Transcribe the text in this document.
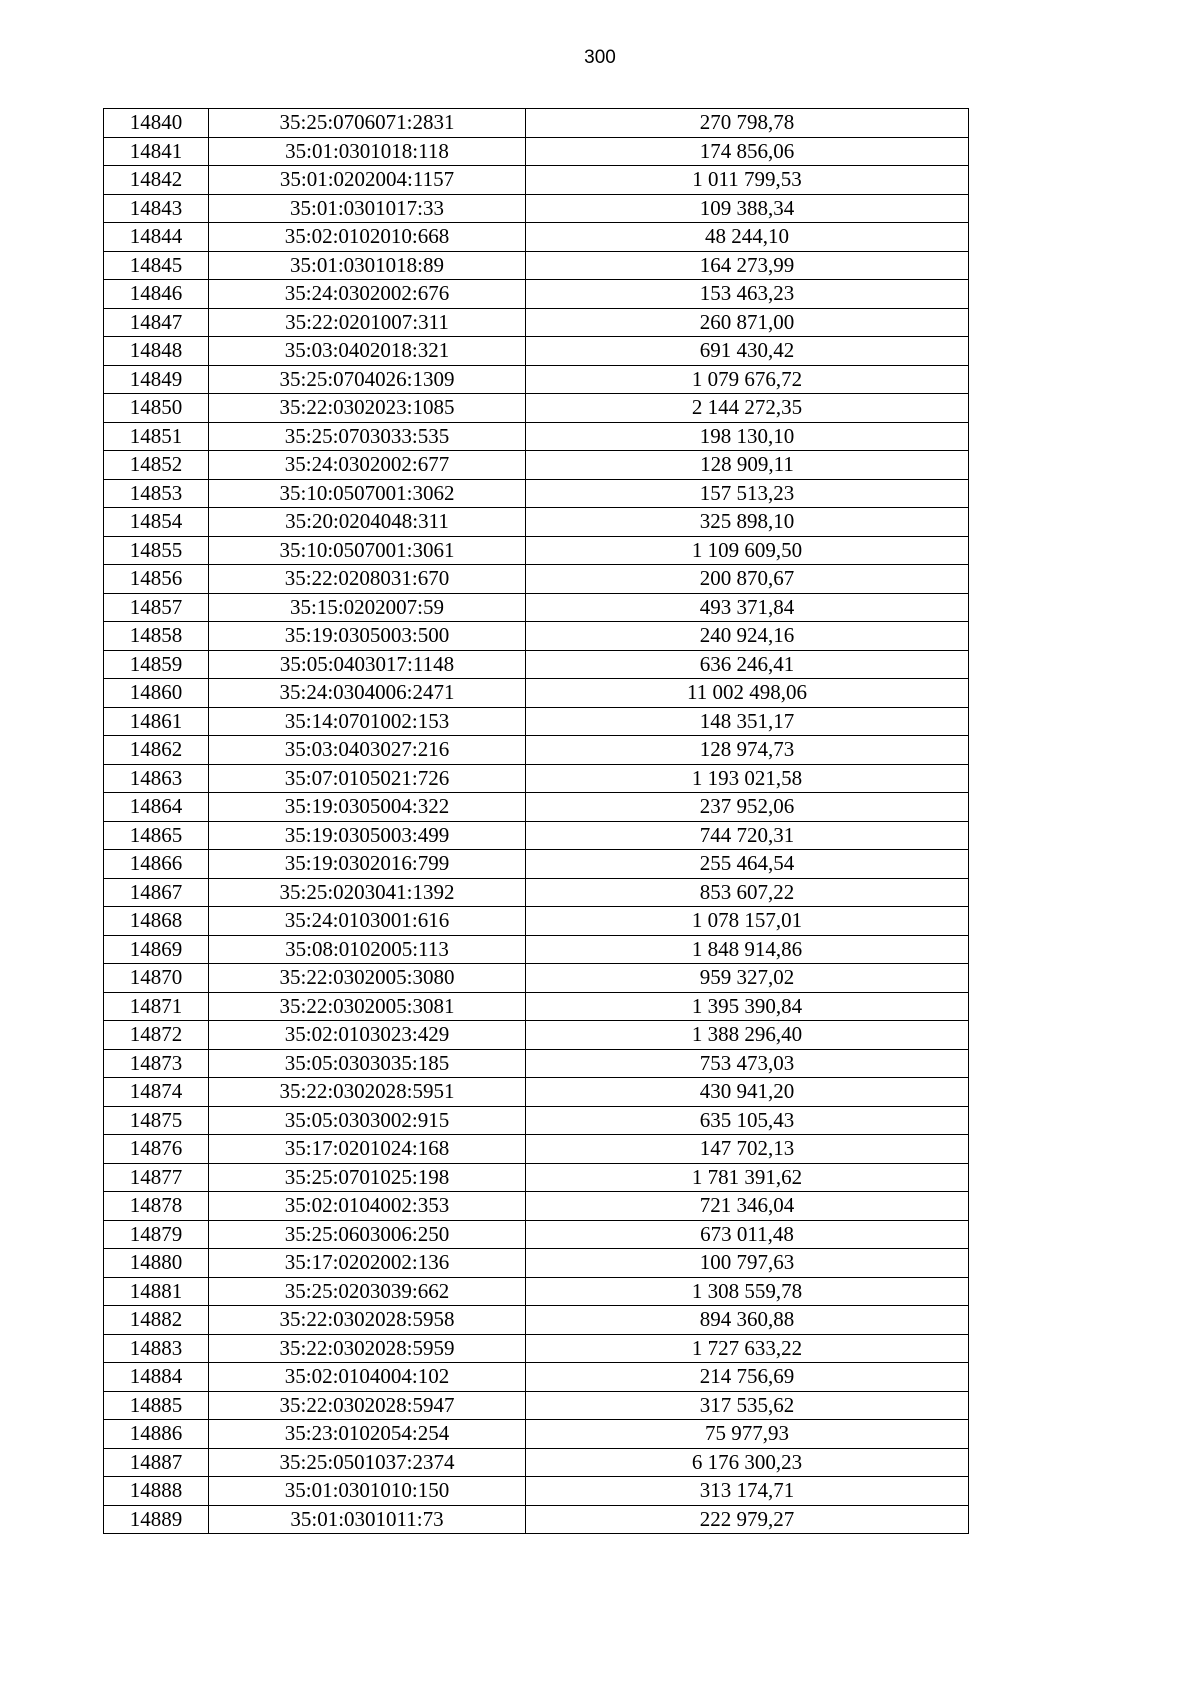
300
14840	35:25:0706071:2831	270 798,78
14841	35:01:0301018:118	174 856,06
14842	35:01:0202004:1157	1 011 799,53
14843	35:01:0301017:33	109 388,34
14844	35:02:0102010:668	48 244,10
14845	35:01:0301018:89	164 273,99
14846	35:24:0302002:676	153 463,23
14847	35:22:0201007:311	260 871,00
14848	35:03:0402018:321	691 430,42
14849	35:25:0704026:1309	1 079 676,72
14850	35:22:0302023:1085	2 144 272,35
14851	35:25:0703033:535	198 130,10
14852	35:24:0302002:677	128 909,11
14853	35:10:0507001:3062	157 513,23
14854	35:20:0204048:311	325 898,10
14855	35:10:0507001:3061	1 109 609,50
14856	35:22:0208031:670	200 870,67
14857	35:15:0202007:59	493 371,84
14858	35:19:0305003:500	240 924,16
14859	35:05:0403017:1148	636 246,41
14860	35:24:0304006:2471	11 002 498,06
14861	35:14:0701002:153	148 351,17
14862	35:03:0403027:216	128 974,73
14863	35:07:0105021:726	1 193 021,58
14864	35:19:0305004:322	237 952,06
14865	35:19:0305003:499	744 720,31
14866	35:19:0302016:799	255 464,54
14867	35:25:0203041:1392	853 607,22
14868	35:24:0103001:616	1 078 157,01
14869	35:08:0102005:113	1 848 914,86
14870	35:22:0302005:3080	959 327,02
14871	35:22:0302005:3081	1 395 390,84
14872	35:02:0103023:429	1 388 296,40
14873	35:05:0303035:185	753 473,03
14874	35:22:0302028:5951	430 941,20
14875	35:05:0303002:915	635 105,43
14876	35:17:0201024:168	147 702,13
14877	35:25:0701025:198	1 781 391,62
14878	35:02:0104002:353	721 346,04
14879	35:25:0603006:250	673 011,48
14880	35:17:0202002:136	100 797,63
14881	35:25:0203039:662	1 308 559,78
14882	35:22:0302028:5958	894 360,88
14883	35:22:0302028:5959	1 727 633,22
14884	35:02:0104004:102	214 756,69
14885	35:22:0302028:5947	317 535,62
14886	35:23:0102054:254	75 977,93
14887	35:25:0501037:2374	6 176 300,23
14888	35:01:0301010:150	313 174,71
14889	35:01:0301011:73	222 979,27
